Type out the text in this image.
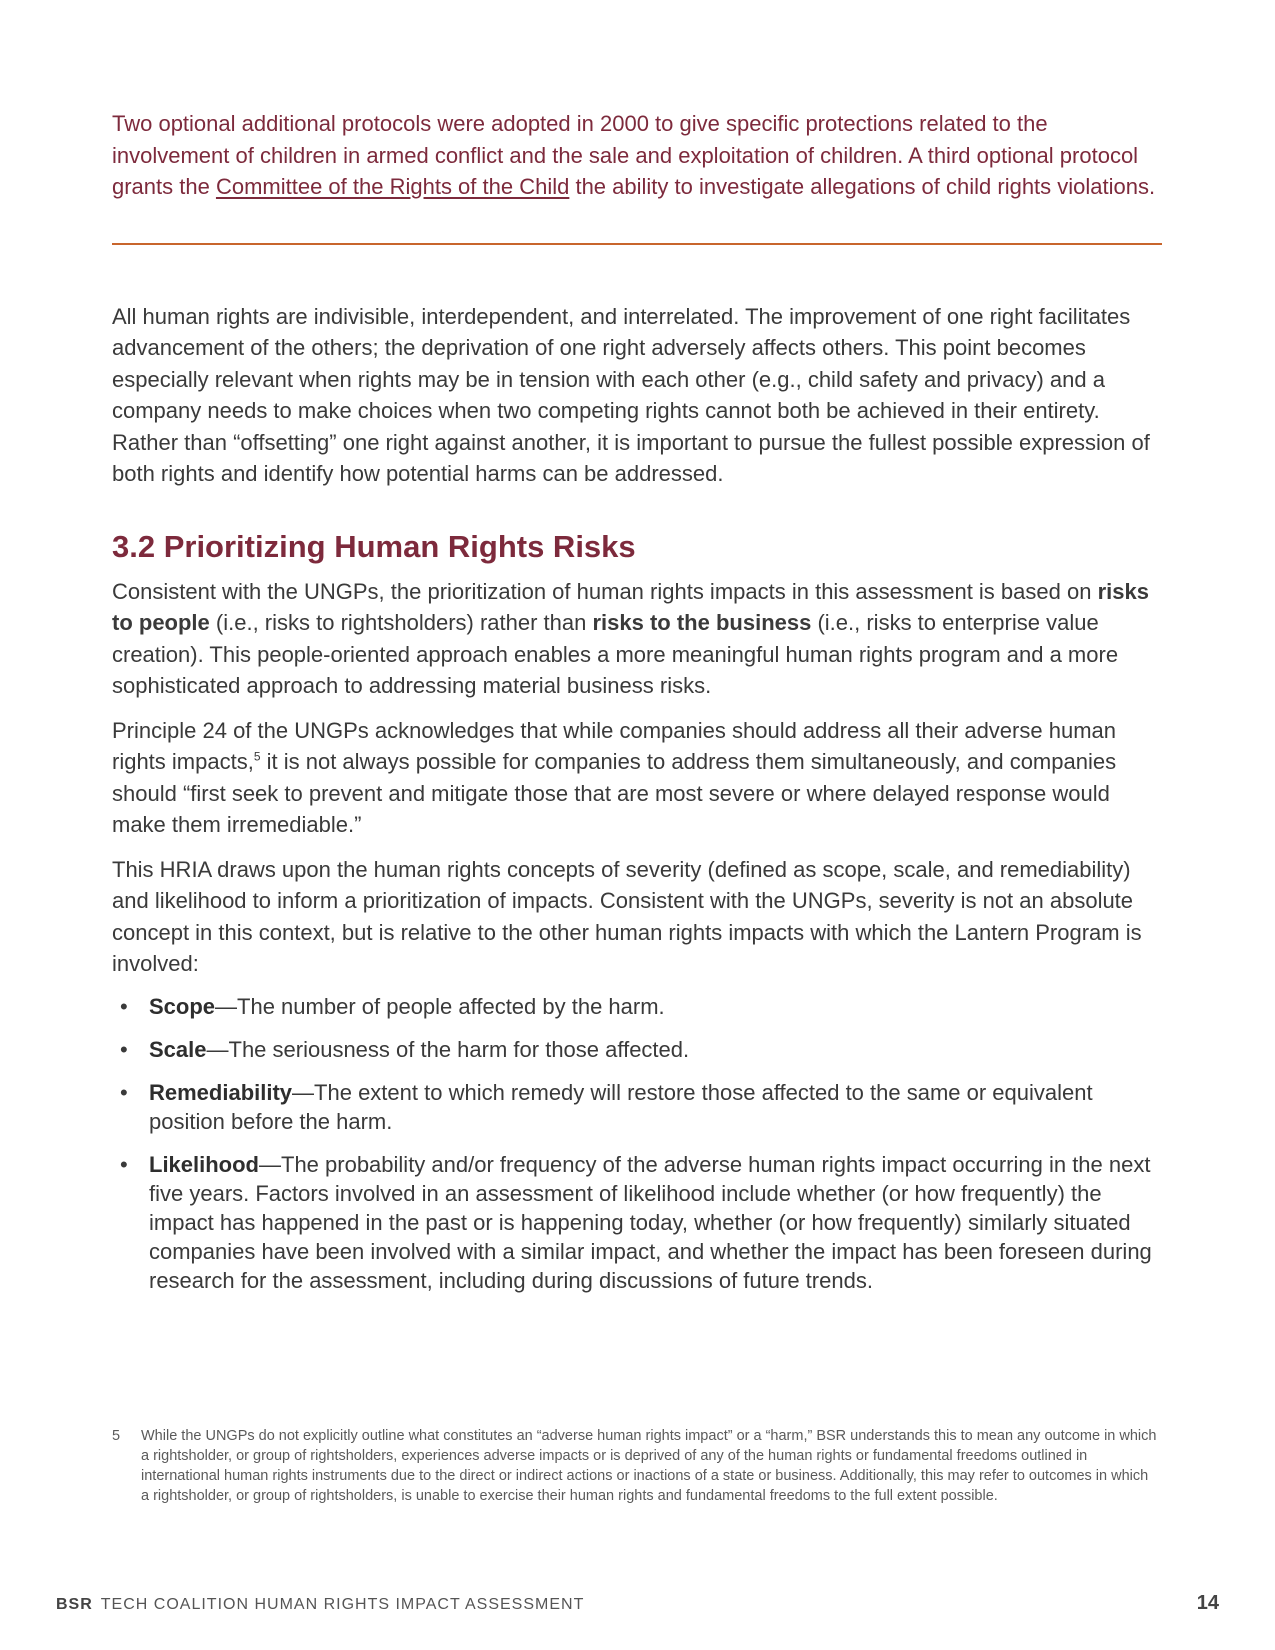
Two optional additional protocols were adopted in 2000 to give specific protections related to the involvement of children in armed conflict and the sale and exploitation of children. A third optional protocol grants the Committee of the Rights of the Child the ability to investigate allegations of child rights violations.

All human rights are indivisible, interdependent, and interrelated. The improvement of one right facilitates advancement of the others; the deprivation of one right adversely affects others. This point becomes especially relevant when rights may be in tension with each other (e.g., child safety and privacy) and a company needs to make choices when two competing rights cannot both be achieved in their entirety. Rather than “offsetting” one right against another, it is important to pursue the fullest possible expression of both rights and identify how potential harms can be addressed.

3.2 Prioritizing Human Rights Risks

Consistent with the UNGPs, the prioritization of human rights impacts in this assessment is based on risks to people (i.e., risks to rightsholders) rather than risks to the business (i.e., risks to enterprise value creation). This people-oriented approach enables a more meaningful human rights program and a more sophisticated approach to addressing material business risks.

Principle 24 of the UNGPs acknowledges that while companies should address all their adverse human rights impacts,$^5$ it is not always possible for companies to address them simultaneously, and companies should “first seek to prevent and mitigate those that are most severe or where delayed response would make them irremediable.”

This HRIA draws upon the human rights concepts of severity (defined as scope, scale, and remediability) and likelihood to inform a prioritization of impacts. Consistent with the UNGPs, severity is not an absolute concept in this context, but is relative to the other human rights impacts with which the Lantern Program is involved:

• Scope—The number of people affected by the harm.
• Scale—The seriousness of the harm for those affected.
• Remediability—The extent to which remedy will restore those affected to the same or equivalent position before the harm.
• Likelihood—The probability and/or frequency of the adverse human rights impact occurring in the next five years. Factors involved in an assessment of likelihood include whether (or how frequently) the impact has happened in the past or is happening today, whether (or how frequently) similarly situated companies have been involved with a similar impact, and whether the impact has been foreseen during research for the assessment, including during discussions of future trends.
5	While the UNGPs do not explicitly outline what constitutes an “adverse human rights impact” or a “harm,” BSR understands this to mean any outcome in which a rightsholder, or group of rightsholders, experiences adverse impacts or is deprived of any of the human rights or fundamental freedoms outlined in international human rights instruments due to the direct or indirect actions or inactions of a state or business. Additionally, this may refer to outcomes in which a rightsholder, or group of rightsholders, is unable to exercise their human rights and fundamental freedoms to the full extent possible.
BSR TECH COALITION HUMAN RIGHTS IMPACT ASSESSMENT	14
